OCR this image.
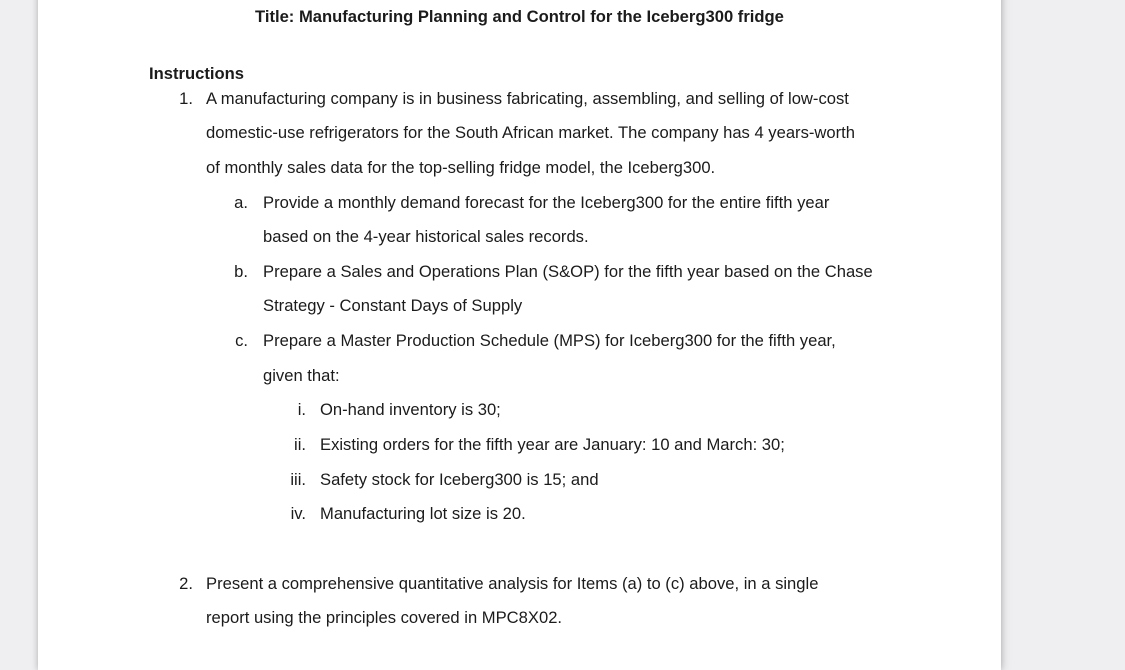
Title: Manufacturing Planning and Control for the Iceberg300 fridge
Instructions
1. A manufacturing company is in business fabricating, assembling, and selling of low-cost
domestic-use refrigerators for the South African market. The company has 4 years-worth
of monthly sales data for the top-selling fridge model, the Iceberg300.
a. Provide a monthly demand forecast for the Iceberg300 for the entire fifth year
based on the 4-year historical sales records.
b. Prepare a Sales and Operations Plan (S&OP) for the fifth year based on the Chase
Strategy - Constant Days of Supply
c. Prepare a Master Production Schedule (MPS) for Iceberg300 for the fifth year,
given that:
i. On-hand inventory is 30;
ii. Existing orders for the fifth year are January: 10 and March: 30;
iii. Safety stock for Iceberg300 is 15; and
iv. Manufacturing lot size is 20.
2. Present a comprehensive quantitative analysis for Items (a) to (c) above, in a single
report using the principles covered in MPC8X02.
